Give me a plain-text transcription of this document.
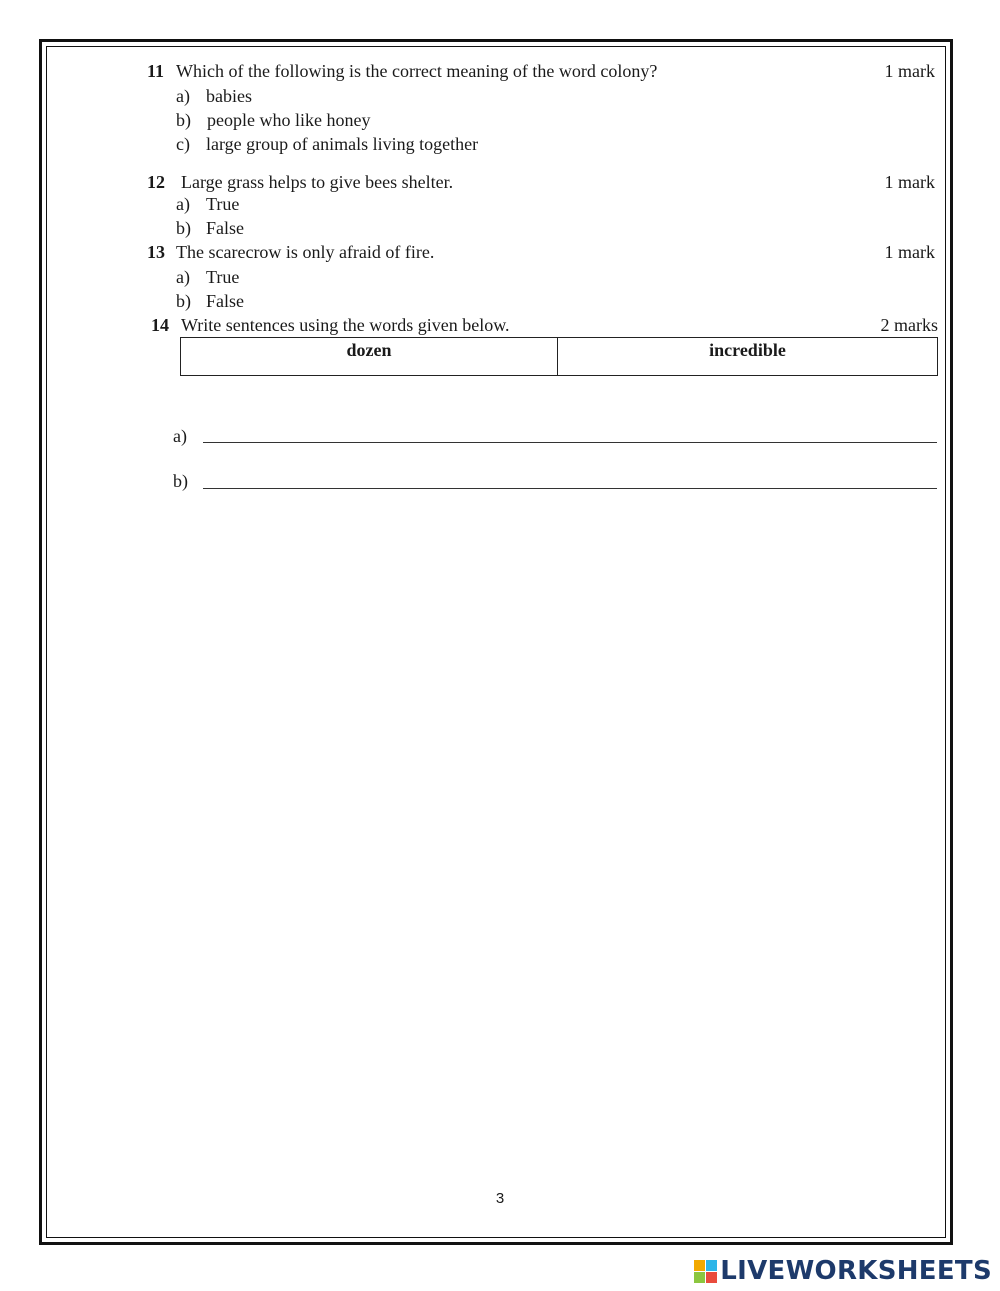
11 Which of the following is the correct meaning of the word colony?	1 mark
a) babies
b) people who like honey
c) large group of animals living together
12 Large grass helps to give bees shelter.	1 mark
a) True
b) False
13 The scarecrow is only afraid of fire.	1 mark
a) True
b) False
14 Write sentences using the words given below.	2 marks
dozen	incredible
a)
b)
3
LIVEWORKSHEETS
